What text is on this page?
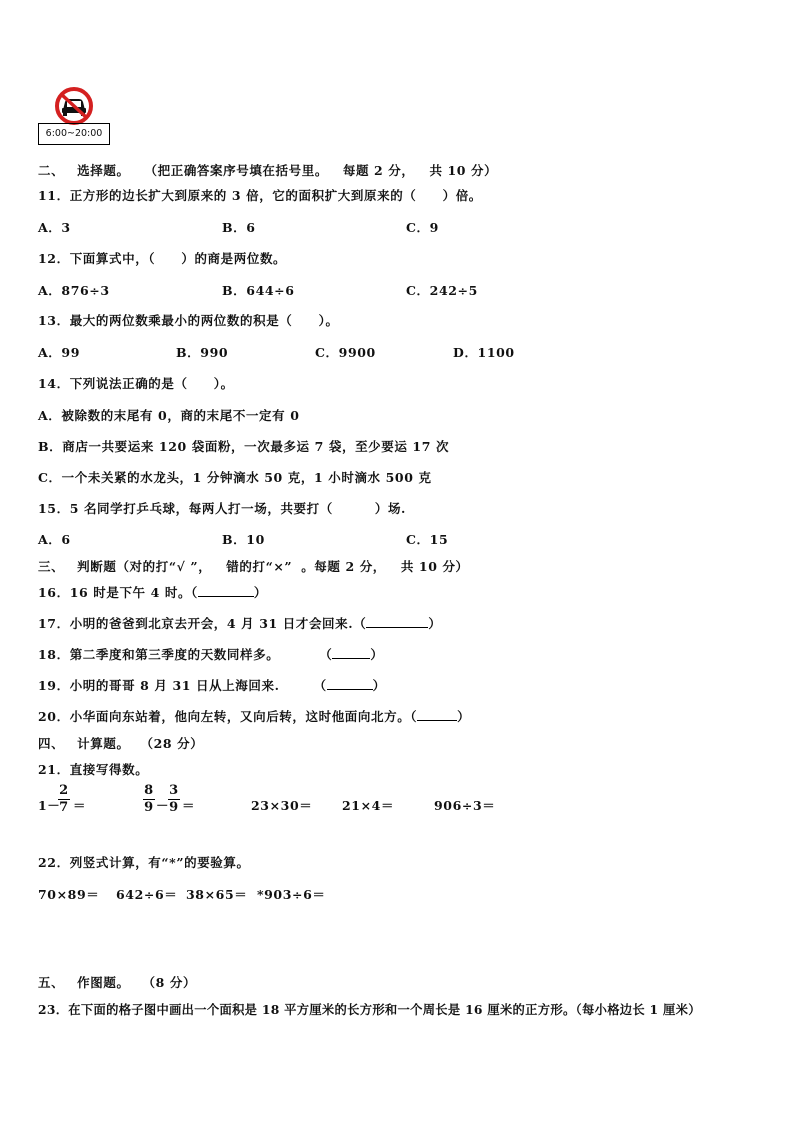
6:00~20:00
二、 选择题。 （把正确答案序号填在括号里。 每题 2 分， 共 10 分）
11．正方形的边长扩大到原来的 3 倍，它的面积扩大到原来的（　　）倍。
A．3	B．6	C．9
12．下面算式中，（　　）的商是两位数。
A．876÷3	B．644÷6	C．242÷5
13．最大的两位数乘最小的两位数的积是（　　）。
A．99	B．990	C．9900	D．1100
14．下列说法正确的是（　　）。
A．被除数的末尾有 0，商的末尾不一定有 0
B．商店一共要运来 120 袋面粉，一次最多运 7 袋，至少要运 17 次
C．一个未关紧的水龙头，1 分钟滴水 50 克，1 小时滴水 500 克
15．5 名同学打乒乓球，每两人打一场，共要打（	）场.
A．6	B．10	C．15
三、 判断题（对的打“√ ”， 错的打“×” 。每题 2 分， 共 10 分）
16．16 时是下午 4 时。（	）
17．小明的爸爸到北京去开会，4 月 31 日才会回来.（	）
18．第二季度和第三季度的天数同样多。	（	）
19．小明的哥哥 8 月 31 日从上海回来.	（	）
20．小华面向东站着，他向左转，又向后转，这时他面向北方。（	）
四、 计算题。 （28 分）
21．直接写得数。
1－
2
7 ＝
8
9 －
3
9 ＝	23×30＝ 21×4＝	906÷3＝
22．列竖式计算，有“*”的要验算。
70×89＝ 642÷6＝ 38×65＝ *903÷6＝
五、 作图题。 （8 分）
23．在下面的格子图中画出一个面积是 18 平方厘米的长方形和一个周长是 16 厘米的正方形。（每小格边长 1 厘米）
